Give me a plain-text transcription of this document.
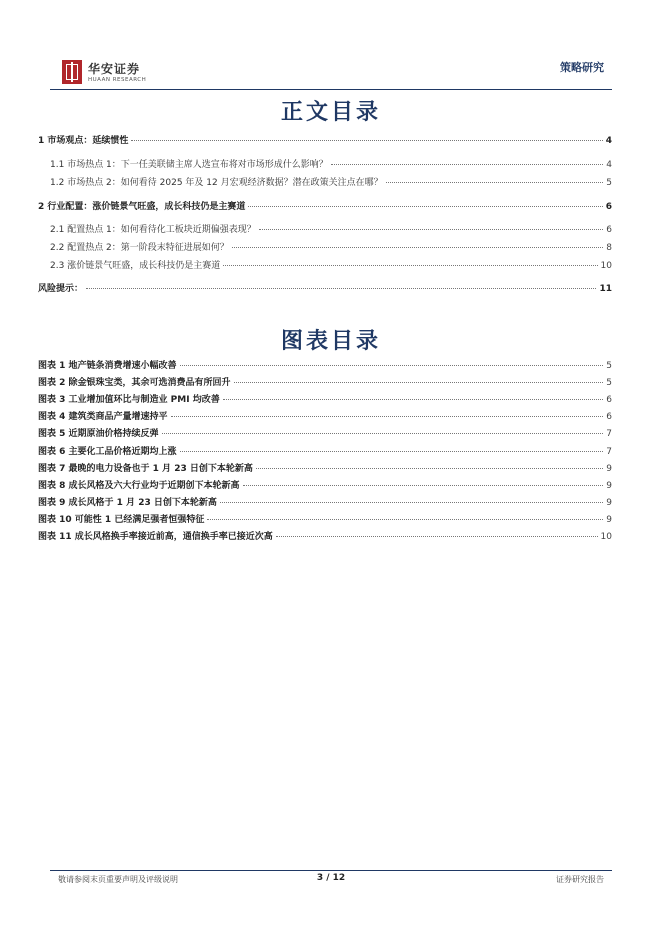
华安证券
HUAAN RESEARCH
策略研究
正文目录
1 市场观点：延续惯性	4
1.1 市场热点 1：下一任美联储主席人选宣布将对市场形成什么影响？	4
1.2 市场热点 2：如何看待 2025 年及 12 月宏观经济数据？潜在政策关注点在哪？	5
2 行业配置：涨价链景气旺盛，成长科技仍是主赛道	6
2.1 配置热点 1：如何看待化工板块近期偏强表现？	6
2.2 配置热点 2：第一阶段末特征进展如何？	8
2.3 涨价链景气旺盛，成长科技仍是主赛道	10
风险提示：	11
图表目录
图表 1 地产链条消费增速小幅改善	5
图表 2 除金银珠宝类，其余可选消费品有所回升	5
图表 3 工业增加值环比与制造业 PMI 均改善	6
图表 4 建筑类商品产量增速持平	6
图表 5 近期原油价格持续反弹	7
图表 6 主要化工品价格近期均上涨	7
图表 7 最晚的电力设备也于 1 月 23 日创下本轮新高	9
图表 8 成长风格及六大行业均于近期创下本轮新高	9
图表 9 成长风格于 1 月 23 日创下本轮新高	9
图表 10 可能性 1 已经满足强者恒强特征	9
图表 11 成长风格换手率接近前高，通信换手率已接近次高	10
敬请参阅末页重要声明及评级说明	3 / 12	证券研究报告
